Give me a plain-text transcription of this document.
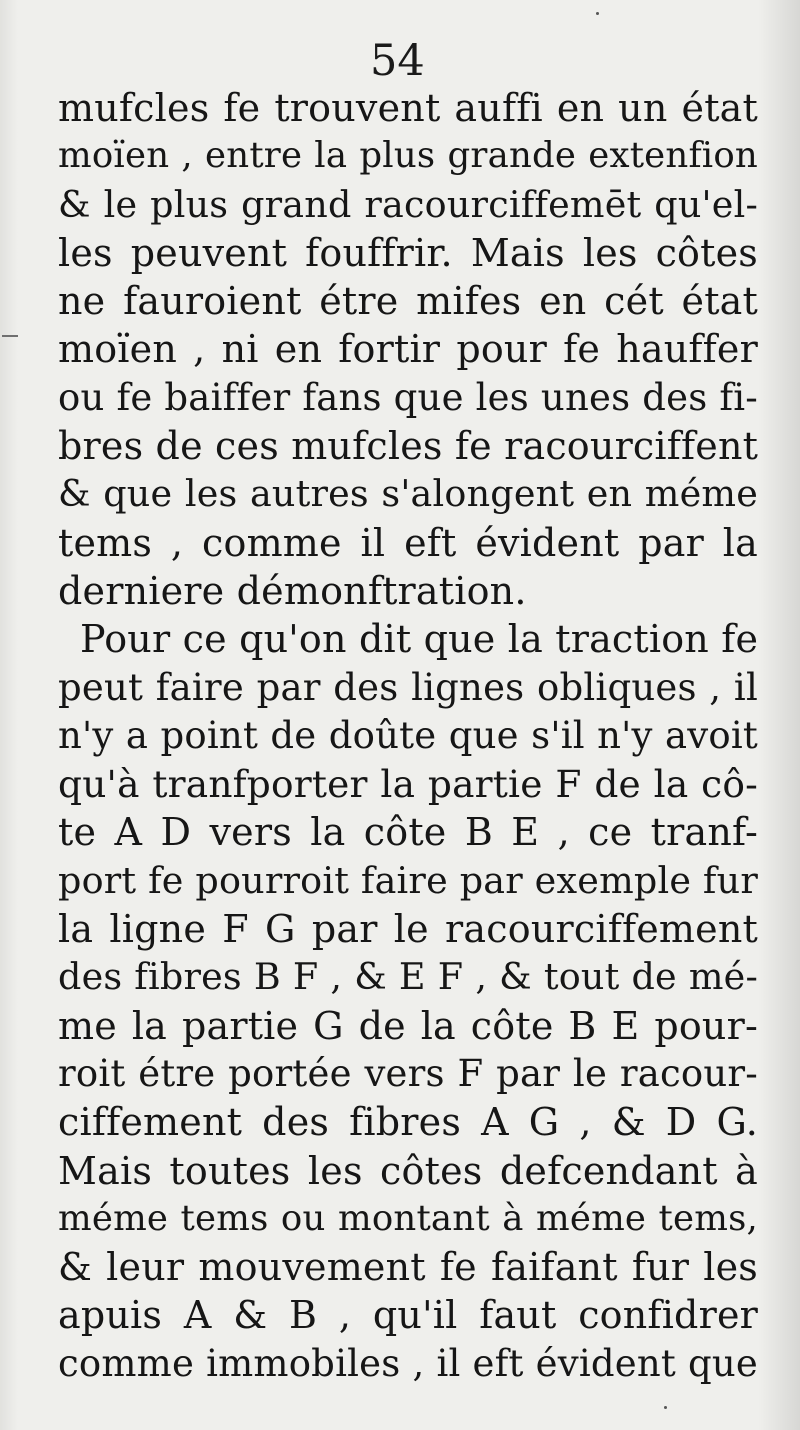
54
mufcles fe trouvent auffi en un état
moïen , entre la plus grande extenfion
& le plus grand racourciffemēt qu'el-
les peuvent fouffrir. Mais les côtes
ne fauroient étre mifes en cét état
moïen , ni en fortir pour fe hauffer
ou fe baiffer fans que les unes des fi-
bres de ces mufcles fe racourciffent
& que les autres s'alongent en méme
tems , comme il eft évident par la
derniere démonftration.
Pour ce qu'on dit que la traction fe
peut faire par des lignes obliques , il
n'y a point de doûte que s'il n'y avoit
qu'à tranfporter la partie F de la cô-
te A D vers la côte B E , ce tranf-
port fe pourroit faire par exemple fur
la ligne F G par le racourciffement
des fibres B F , & E F , & tout de mé-
me la partie G de la côte B E pour-
roit étre portée vers F par le racour-
ciffement des fibres A G , & D G.
Mais toutes les côtes defcendant à
méme tems ou montant à méme tems,
& leur mouvement fe faifant fur les
apuis A & B , qu'il faut confidrer
comme immobiles , il eft évident que
